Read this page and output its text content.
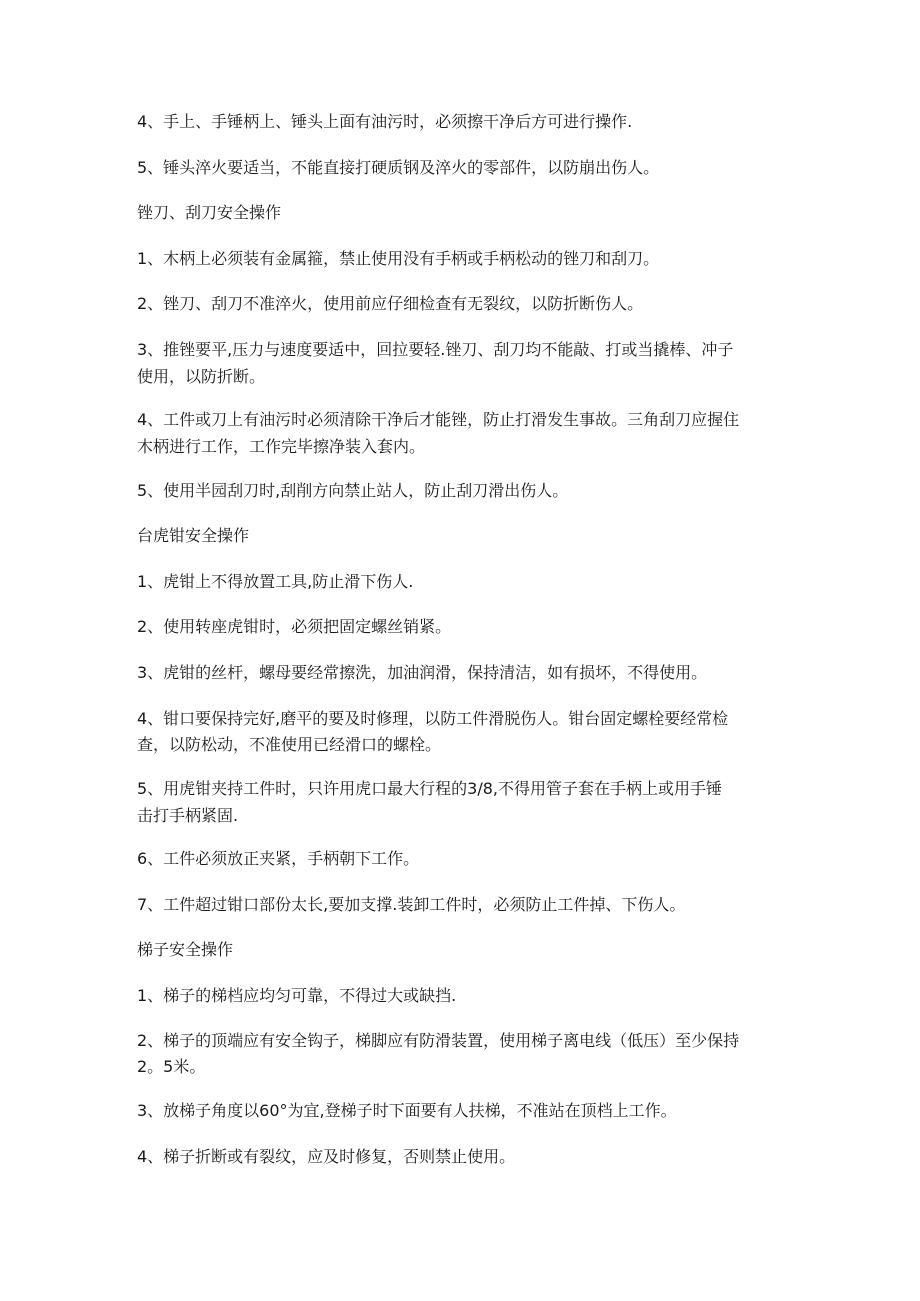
4、手上、手锤柄上、锤头上面有油污时，必须擦干净后方可进行操作.
5、锤头淬火要适当，不能直接打硬质钢及淬火的零部件，以防崩出伤人。
锉刀、刮刀安全操作
1、木柄上必须装有金属箍，禁止使用没有手柄或手柄松动的锉刀和刮刀。
2、锉刀、刮刀不准淬火，使用前应仔细检查有无裂纹，以防折断伤人。
3、推锉要平,压力与速度要适中，回拉要轻.锉刀、刮刀均不能敲、打或当撬棒、冲子
使用，以防折断。
4、工件或刀上有油污时必须清除干净后才能锉，防止打滑发生事故。三角刮刀应握住
木柄进行工作，工作完毕擦净装入套内。
5、使用半园刮刀时,刮削方向禁止站人，防止刮刀滑出伤人。
台虎钳安全操作
1、虎钳上不得放置工具,防止滑下伤人.
2、使用转座虎钳时，必须把固定螺丝销紧。
3、虎钳的丝杆，螺母要经常擦洗，加油润滑，保持清洁，如有损坏，不得使用。
4、钳口要保持完好,磨平的要及时修理，以防工件滑脱伤人。钳台固定螺栓要经常检
查，以防松动，不准使用已经滑口的螺栓。
5、用虎钳夹持工件时，只许用虎口最大行程的3/8,不得用管子套在手柄上或用手锤
击打手柄紧固.
6、工件必须放正夹紧，手柄朝下工作。
7、工件超过钳口部份太长,要加支撑.装卸工件时，必须防止工件掉、下伤人。
梯子安全操作
1、梯子的梯档应均匀可靠，不得过大或缺挡.
2、梯子的顶端应有安全钩子，梯脚应有防滑装置，使用梯子离电线（低压）至少保持
2。5米。
3、放梯子角度以60°为宜,登梯子时下面要有人扶梯，不准站在顶档上工作。
4、梯子折断或有裂纹，应及时修复，否则禁止使用。
